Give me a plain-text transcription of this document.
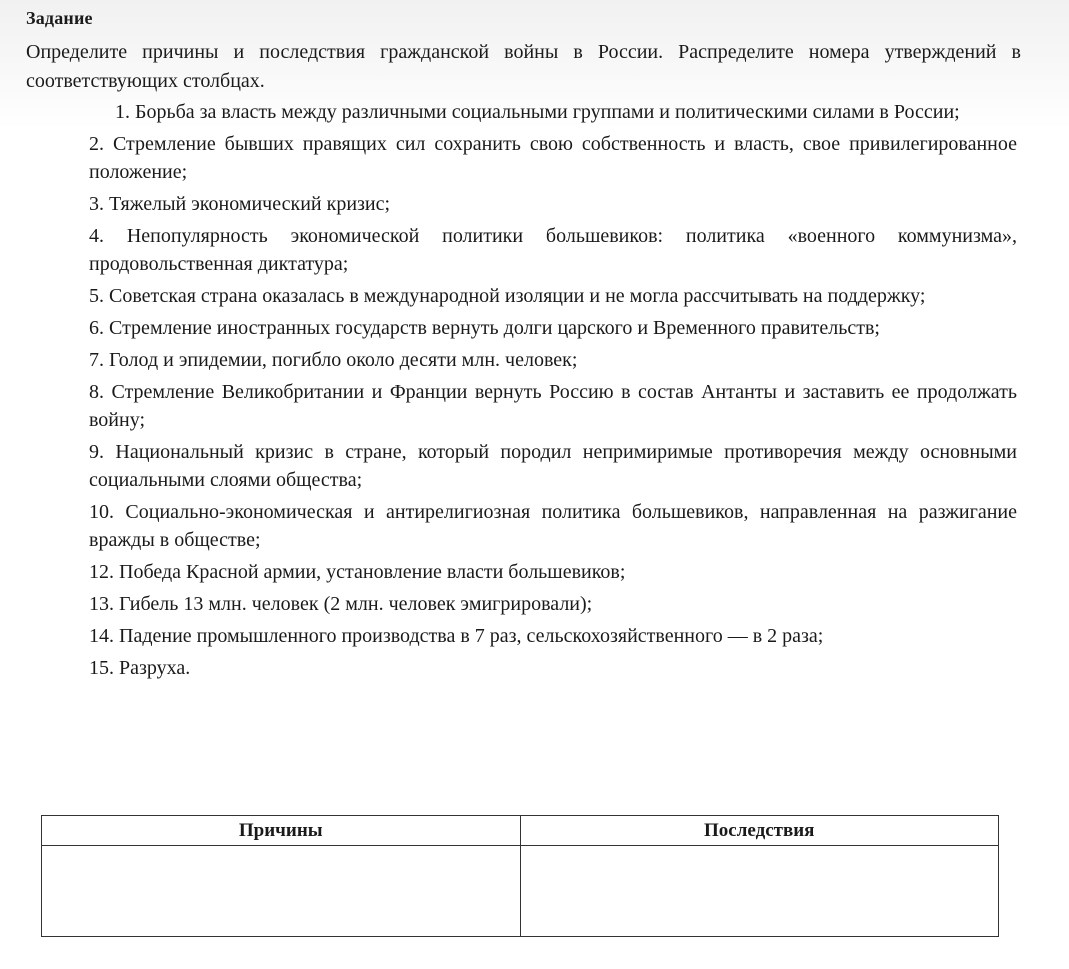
Задание
Определите причины и последствия гражданской войны в России. Распределите номера утверждений в соответствующих столбцах.
1. Борьба за власть между различными социальными группами и политическими силами в России;
2. Стремление бывших правящих сил сохранить свою собственность и власть, свое привилегированное положение;
3. Тяжелый экономический кризис;
4. Непопулярность экономической политики большевиков: политика «военного коммунизма», продовольственная диктатура;
5. Советская страна оказалась в международной изоляции и не могла рассчитывать на поддержку;
6. Стремление иностранных государств вернуть долги царского и Временного правительств;
7. Голод и эпидемии, погибло около десяти млн. человек;
8. Стремление Великобритании и Франции вернуть Россию в состав Антанты и заставить ее продолжать войну;
9. Национальный кризис в стране, который породил непримиримые противоречия между основными социальными слоями общества;
10. Социально-экономическая и антирелигиозная политика большевиков, направленная на разжигание вражды в обществе;
12. Победа Красной армии, установление власти большевиков;
13. Гибель 13 млн. человек (2 млн. человек эмигрировали);
14. Падение промышленного производства в 7 раз, сельскохозяйственного — в 2 раза;
15. Разруха.
Причины	Последствия
